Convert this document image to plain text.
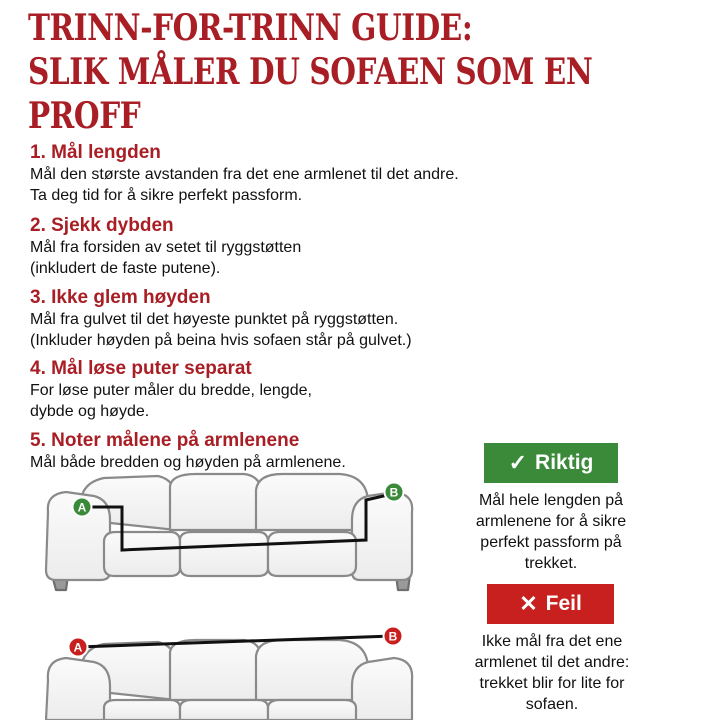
TRINN-FOR-TRINN GUIDE:
SLIK MÅLER DU SOFAEN SOM EN
PROFF
1. Mål lengden

Mål den største avstanden fra det ene armlenet til det andre.

Ta deg tid for å sikre perfekt passform.

2. Sjekk dybden

Mål fra forsiden av setet til ryggstøtten

(inkludert de faste putene).

3. Ikke glem høyden

Mål fra gulvet til det høyeste punktet på ryggstøtten.

(Inkluder høyden på beina hvis sofaen står på gulvet.)

4. Mål løse puter separat

For løse puter måler du bredde, lengde,

dybde og høyde.

5. Noter målene på armlenene

Mål både bredden og høyden på armlenene.

A
B
A
B
✓ Riktig
Mål hele lengden på
armlenene for å sikre
perfekt passform på
trekket.
✕ Feil
Ikke mål fra det ene
armlenet til det andre:
trekket blir for lite for
sofaen.
